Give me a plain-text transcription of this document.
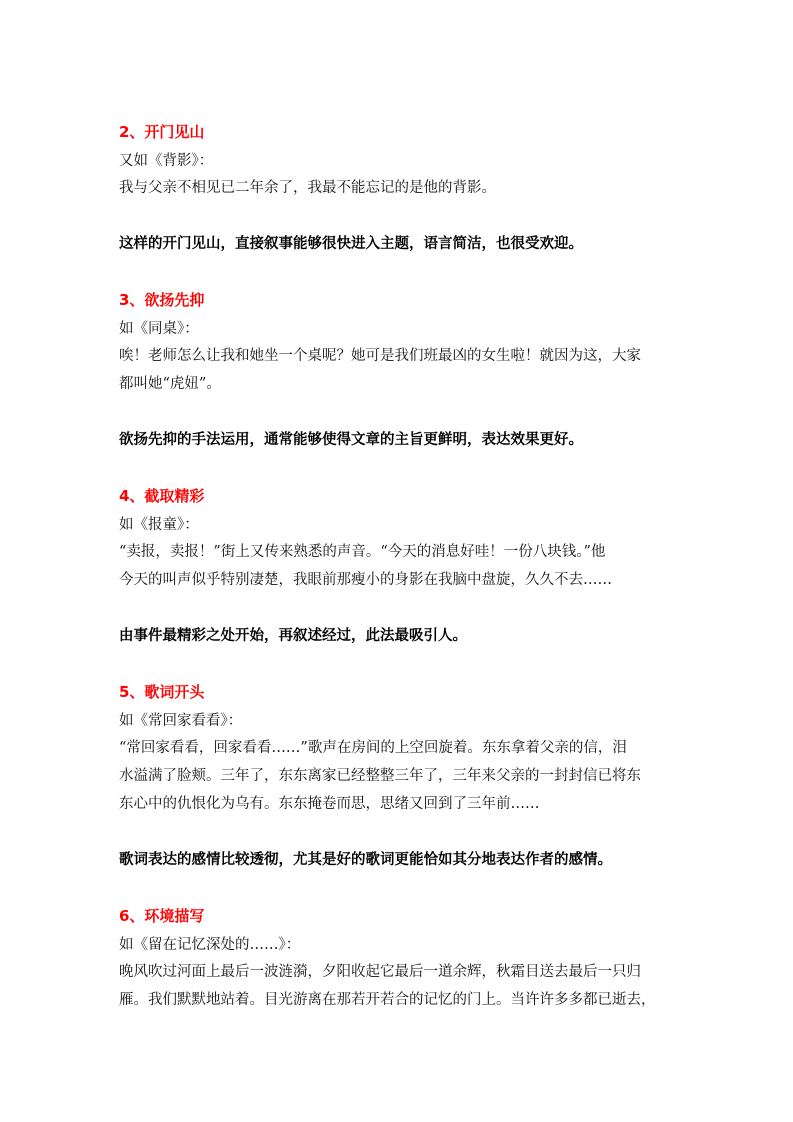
2、开门见山
又如《背影》：
我与父亲不相见已二年余了，我最不能忘记的是他的背影。
这样的开门见山，直接叙事能够很快进入主题，语言简洁，也很受欢迎。
3、欲扬先抑
如《同桌》：
唉！老师怎么让我和她坐一个桌呢？她可是我们班最凶的女生啦！就因为这，大家
都叫她“虎妞”。
欲扬先抑的手法运用，通常能够使得文章的主旨更鲜明，表达效果更好。
4、截取精彩
如《报童》：
“卖报，卖报！”街上又传来熟悉的声音。“今天的消息好哇！一份八块钱。”他
今天的叫声似乎特别凄楚，我眼前那瘦小的身影在我脑中盘旋，久久不去……
由事件最精彩之处开始，再叙述经过，此法最吸引人。
5、歌词开头
如《常回家看看》：
“常回家看看，回家看看……”歌声在房间的上空回旋着。东东拿着父亲的信，泪
水溢满了脸颊。三年了，东东离家已经整整三年了，三年来父亲的一封封信已将东
东心中的仇恨化为乌有。东东掩卷而思，思绪又回到了三年前……
歌词表达的感情比较透彻，尤其是好的歌词更能恰如其分地表达作者的感情。
6、环境描写
如《留在记忆深处的……》：
晚风吹过河面上最后一波涟漪，夕阳收起它最后一道余辉，秋霜目送去最后一只归
雁。我们默默地站着。目光游离在那若开若合的记忆的门上。当许许多多都已逝去，
